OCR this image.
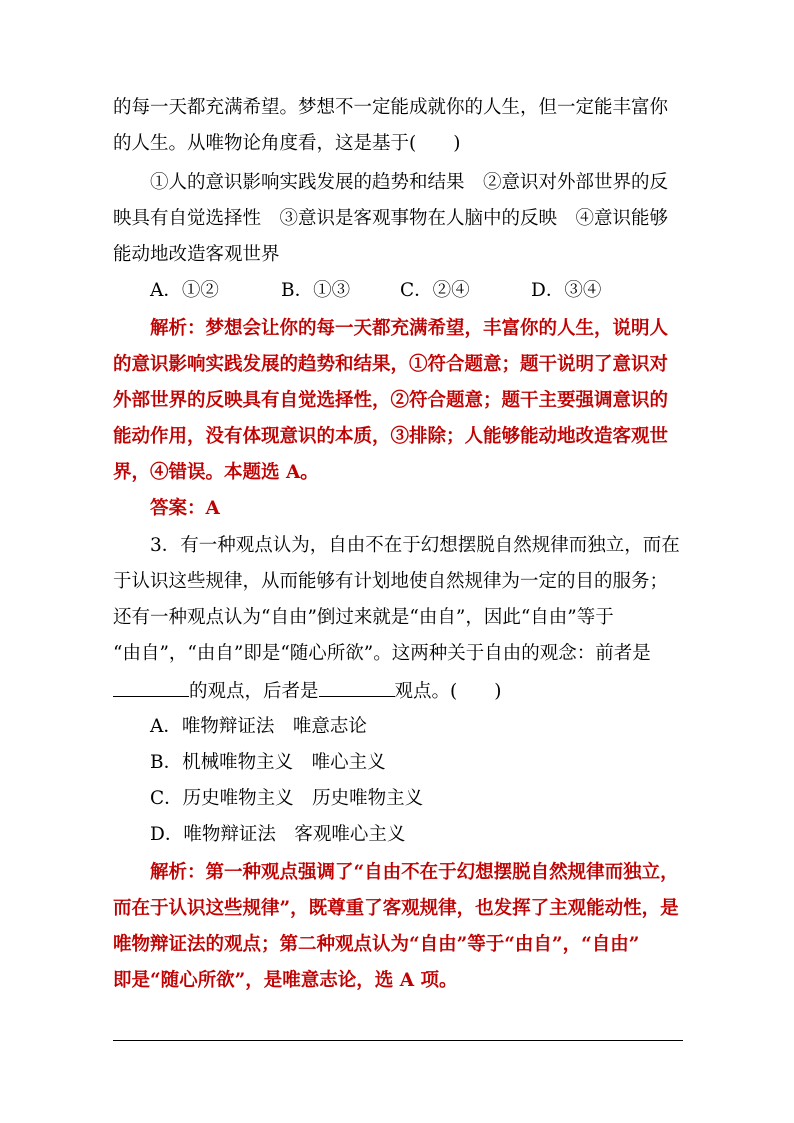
的每一天都充满希望。梦想不一定能成就你的人生，但一定能丰富你
的人生。从唯物论角度看，这是基于(　　)
①人的意识影响实践发展的趋势和结果　②意识对外部世界的反
映具有自觉选择性　③意识是客观事物在人脑中的反映　④意识能够
能动地改造客观世界
A．①②	B．①③	C．②④	D．③④
解析：梦想会让你的每一天都充满希望，丰富你的人生，说明人
的意识影响实践发展的趋势和结果，①符合题意；题干说明了意识对
外部世界的反映具有自觉选择性，②符合题意；题干主要强调意识的
能动作用，没有体现意识的本质，③排除；人能够能动地改造客观世
界，④错误。本题选 A。
答案：A
3．有一种观点认为，自由不在于幻想摆脱自然规律而独立，而在
于认识这些规律，从而能够有计划地使自然规律为一定的目的服务；
还有一种观点认为“自由”倒过来就是“由自”，因此“自由”等于
“由自”，“由自”即是“随心所欲”。这两种关于自由的观念：前者是
的观点，后者是	观点。(　　)
A．唯物辩证法　唯意志论
B．机械唯物主义　唯心主义
C．历史唯物主义　历史唯物主义
D．唯物辩证法　客观唯心主义
解析：第一种观点强调了“自由不在于幻想摆脱自然规律而独立，
而在于认识这些规律”，既尊重了客观规律，也发挥了主观能动性，是
唯物辩证法的观点；第二种观点认为“自由”等于“由自”，“自由”
即是“随心所欲”，是唯意志论，选 A 项。
